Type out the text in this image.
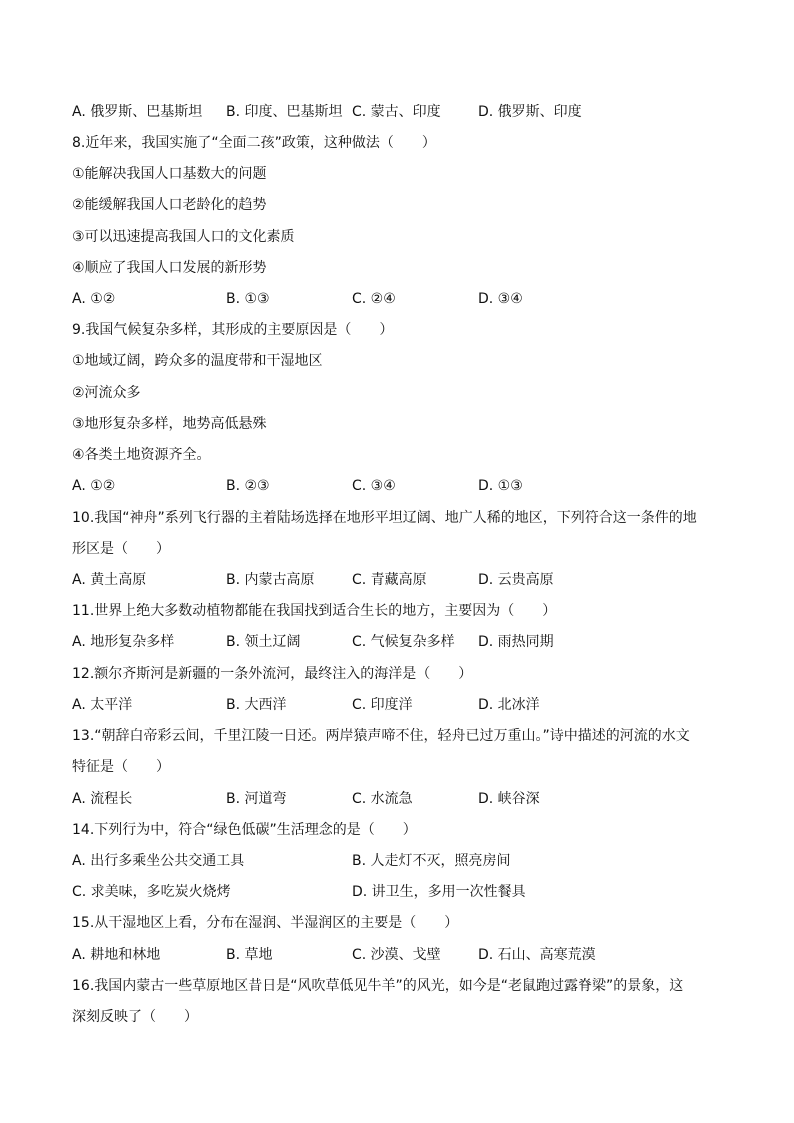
A. 俄罗斯、巴基斯坦 B. 印度、巴基斯坦 C. 蒙古、印度	D. 俄罗斯、印度
8.近年来，我国实施了“全面二孩”政策，这种做法（　　）
①能解决我国人口基数大的问题
②能缓解我国人口老龄化的趋势
③可以迅速提高我国人口的文化素质
④顺应了我国人口发展的新形势
A. ①②	B. ①③	C. ②④	D. ③④
9.我国气候复杂多样，其形成的主要原因是（　　）
①地域辽阔，跨众多的温度带和干湿地区
②河流众多
③地形复杂多样，地势高低悬殊
④各类土地资源齐全。
A. ①②	B. ②③	C. ③④	D. ①③
10.我国“神舟”系列飞行器的主着陆场选择在地形平坦辽阔、地广人稀的地区，下列符合这一条件的地
形区是（　　）
A. 黄土高原	B. 内蒙古高原	C. 青藏高原	D. 云贵高原
11.世界上绝大多数动植物都能在我国找到适合生长的地方，主要因为（　　）
A. 地形复杂多样	B. 领土辽阔	C. 气候复杂多样 D. 雨热同期
12.额尔齐斯河是新疆的一条外流河，最终注入的海洋是（　　）
A. 太平洋	B. 大西洋	C. 印度洋	D. 北冰洋
13.“朝辞白帝彩云间，千里江陵一日还。两岸猿声啼不住，轻舟已过万重山。”诗中描述的河流的水文
特征是（　　）
A. 流程长	B. 河道弯	C. 水流急	D. 峡谷深
14.下列行为中，符合“绿色低碳”生活理念的是（　　）
A. 出行多乘坐公共交通工具	B. 人走灯不灭，照亮房间
C. 求美味，多吃炭火烧烤	D. 讲卫生，多用一次性餐具
15.从干湿地区上看，分布在湿润、半湿润区的主要是（　　）
A. 耕地和林地	B. 草地	C. 沙漠、戈壁	D. 石山、高寒荒漠
16.我国内蒙古一些草原地区昔日是“风吹草低见牛羊”的风光，如今是“老鼠跑过露脊梁”的景象，这
深刻反映了（　　）
